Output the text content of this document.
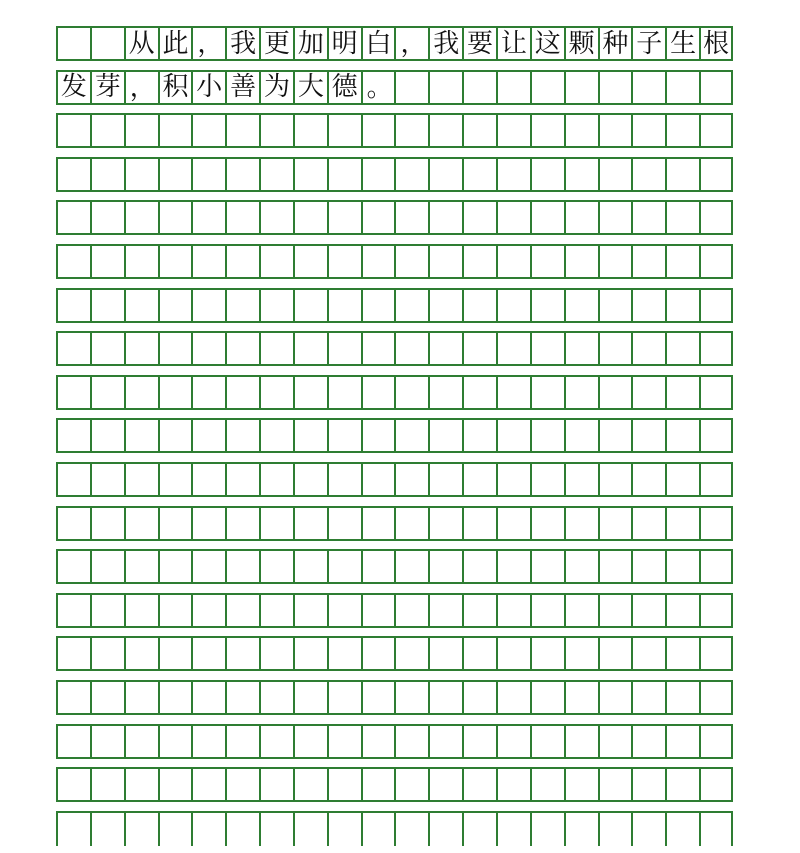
从 此 ， 我 更 加 明 白 ， 我 要 让 这 颗 种 子 生 根
发 芽 ， 积 小 善 为 大 德 。
